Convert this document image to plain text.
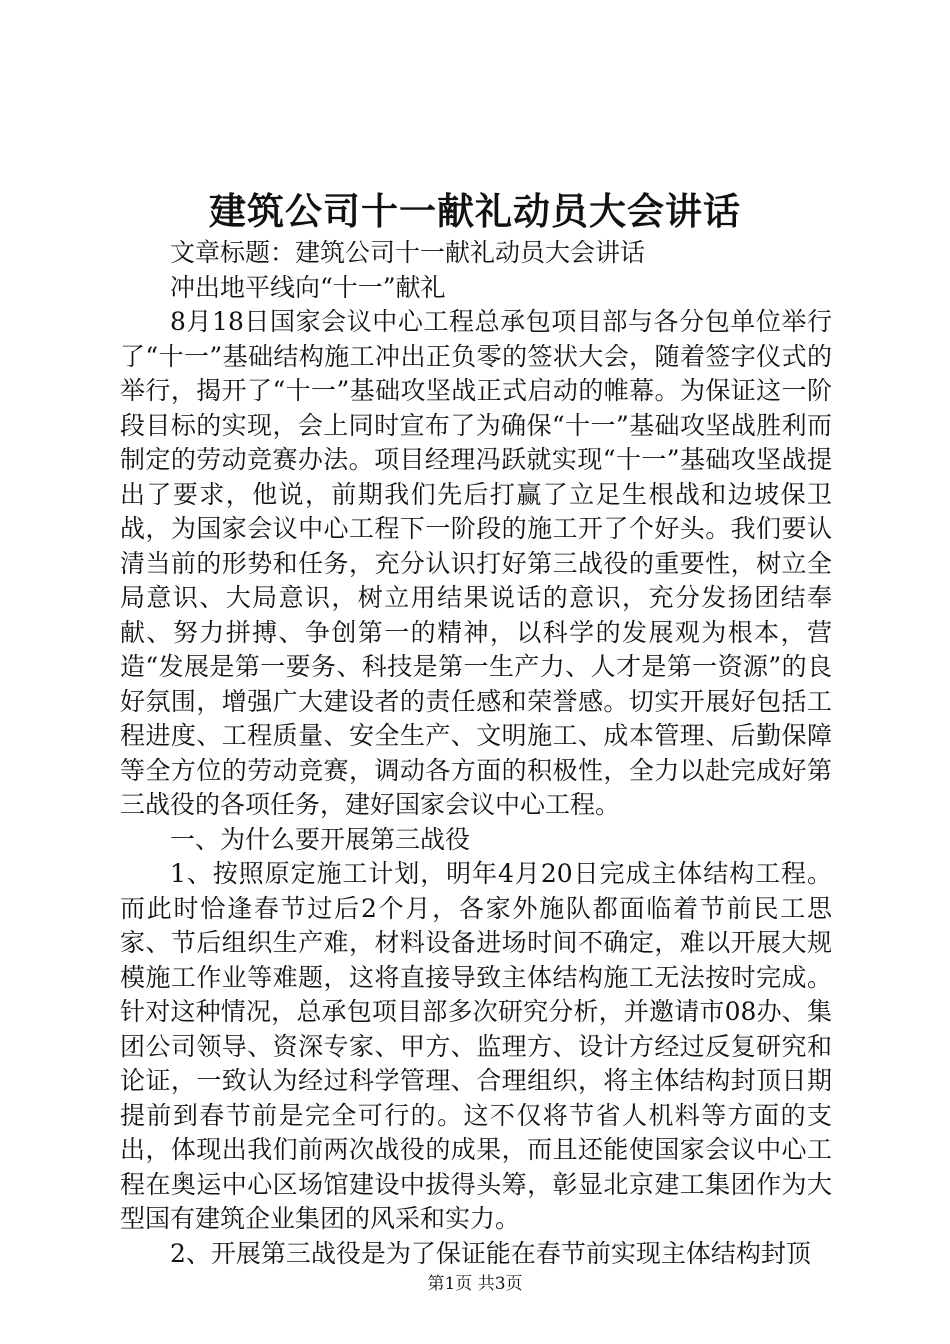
建筑公司十一献礼动员大会讲话

文章标题：建筑公司十一献礼动员大会讲话

冲出地平线向“十一”献礼

8月18日国家会议中心工程总承包项目部与各分包单位举行了“十一”基础结构施工冲出正负零的签状大会，随着签字仪式的举行，揭开了“十一”基础攻坚战正式启动的帷幕。为保证这一阶段目标的实现，会上同时宣布了为确保“十一”基础攻坚战胜利而制定的劳动竞赛办法。项目经理冯跃就实现“十一”基础攻坚战提出了要求，他说，前期我们先后打赢了立足生根战和边坡保卫战，为国家会议中心工程下一阶段的施工开了个好头。我们要认清当前的形势和任务，充分认识打好第三战役的重要性，树立全局意识、大局意识，树立用结果说话的意识，充分发扬团结奉献、努力拼搏、争创第一的精神，以科学的发展观为根本，营造“发展是第一要务、科技是第一生产力、人才是第一资源”的良好氛围，增强广大建设者的责任感和荣誉感。切实开展好包括工程进度、工程质量、安全生产、文明施工、成本管理、后勤保障等全方位的劳动竞赛，调动各方面的积极性，全力以赴完成好第三战役的各项任务，建好国家会议中心工程。

一、为什么要开展第三战役

1、按照原定施工计划，明年4月20日完成主体结构工程。而此时恰逢春节过后2个月，各家外施队都面临着节前民工思家、节后组织生产难，材料设备进场时间不确定，难以开展大规模施工作业等难题，这将直接导致主体结构施工无法按时完成。针对这种情况，总承包项目部多次研究分析，并邀请市08办、集团公司领导、资深专家、甲方、监理方、设计方经过反复研究和论证，一致认为经过科学管理、合理组织，将主体结构封顶日期提前到春节前是完全可行的。这不仅将节省人机料等方面的支出，体现出我们前两次战役的成果，而且还能使国家会议中心工程在奥运中心区场馆建设中拔得头筹，彰显北京建工集团作为大型国有建筑企业集团的风采和实力。

2、开展第三战役是为了保证能在春节前实现主体结构封顶

第1页 共3页
